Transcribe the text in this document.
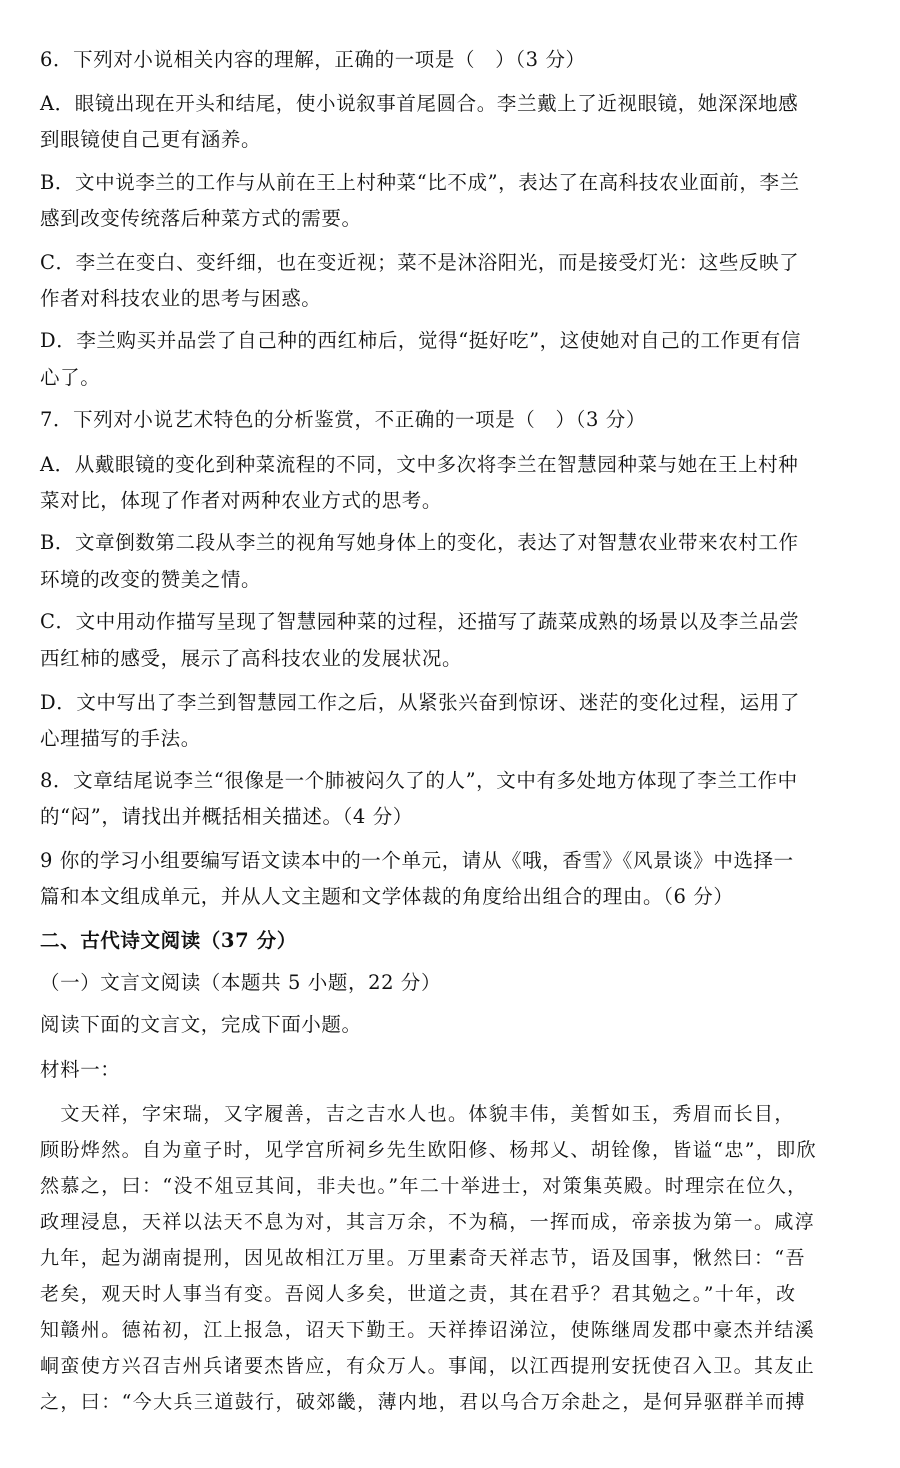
6．下列对小说相关内容的理解，正确的一项是（　）（3 分）
A．眼镜出现在开头和结尾，使小说叙事首尾圆合。李兰戴上了近视眼镜，她深深地感
到眼镜使自己更有涵养。
B．文中说李兰的工作与从前在王上村种菜“比不成”，表达了在高科技农业面前，李兰
感到改变传统落后种菜方式的需要。
C．李兰在变白、变纤细，也在变近视；菜不是沐浴阳光，而是接受灯光：这些反映了
作者对科技农业的思考与困惑。
D．李兰购买并品尝了自己种的西红柿后，觉得“挺好吃”，这使她对自己的工作更有信
心了。
7．下列对小说艺术特色的分析鉴赏，不正确的一项是（　）（3 分）
A．从戴眼镜的变化到种菜流程的不同，文中多次将李兰在智慧园种菜与她在王上村种
菜对比，体现了作者对两种农业方式的思考。
B．文章倒数第二段从李兰的视角写她身体上的变化，表达了对智慧农业带来农村工作
环境的改变的赞美之情。
C．文中用动作描写呈现了智慧园种菜的过程，还描写了蔬菜成熟的场景以及李兰品尝
西红柿的感受，展示了高科技农业的发展状况。
D．文中写出了李兰到智慧园工作之后，从紧张兴奋到惊讶、迷茫的变化过程，运用了
心理描写的手法。
8．文章结尾说李兰“很像是一个肺被闷久了的人”，文中有多处地方体现了李兰工作中
的“闷”，请找出并概括相关描述。（4 分）
9 你的学习小组要编写语文读本中的一个单元，请从《哦，香雪》《风景谈》中选择一
篇和本文组成单元，并从人文主题和文学体裁的角度给出组合的理由。（6 分）
二、古代诗文阅读（37 分）
（一）文言文阅读（本题共 5 小题，22 分）
阅读下面的文言文，完成下面小题。
材料一：
　文天祥，字宋瑞，又字履善，吉之吉水人也。体貌丰伟，美皙如玉，秀眉而长目，
顾盼烨然。自为童子时，见学宫所祠乡先生欧阳修、杨邦乂、胡铨像，皆谥“忠”，即欣
然慕之，曰：“没不俎豆其间，非夫也。”年二十举进士，对策集英殿。时理宗在位久，
政理浸息，天祥以法天不息为对，其言万余，不为稿，一挥而成，帝亲拔为第一。咸淳
九年，起为湖南提刑，因见故相江万里。万里素奇天祥志节，语及国事，愀然曰：“吾
老矣，观天时人事当有变。吾阅人多矣，世道之责，其在君乎？君其勉之。”十年，改
知赣州。德祐初，江上报急，诏天下勤王。天祥捧诏涕泣，使陈继周发郡中豪杰并结溪
峒蛮使方兴召吉州兵诸要杰皆应，有众万人。事闻，以江西提刑安抚使召入卫。其友止
之，曰：“今大兵三道鼓行，破郊畿，薄内地，君以乌合万余赴之，是何异驱群羊而搏
